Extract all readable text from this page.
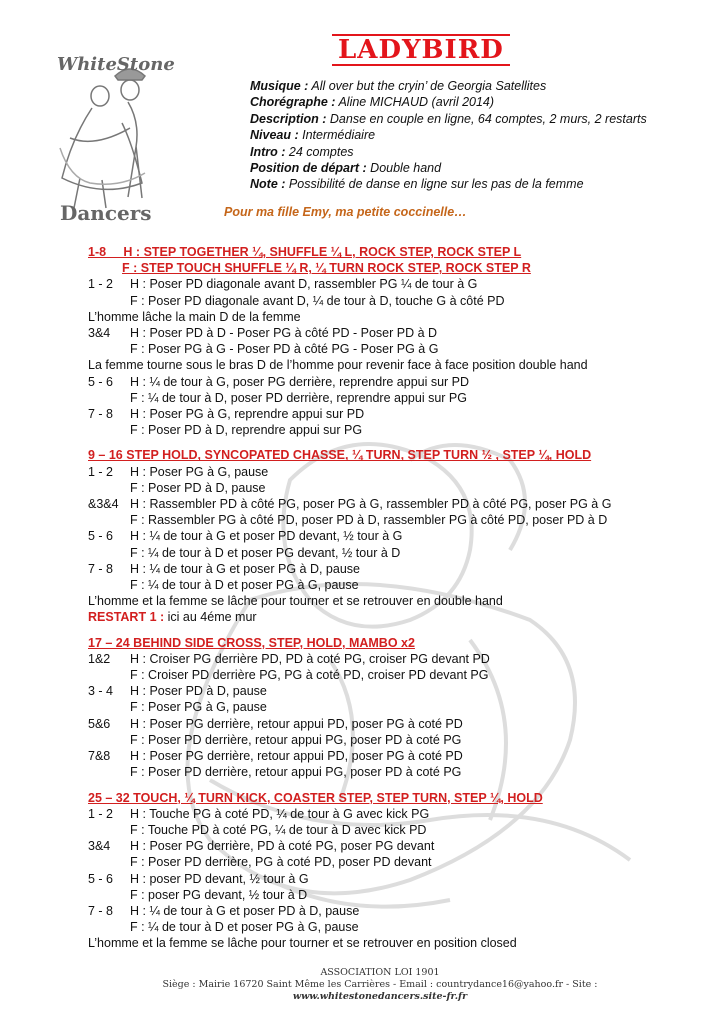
WhiteStone
Dancers
LADYBIRD
Musique : All over but the cryin’ de Georgia Satellites
Chorégraphe : Aline MICHAUD (avril 2014)
Description : Danse en couple en ligne, 64 comptes, 2 murs, 2 restarts
Niveau : Intermédiaire
Intro : 24 comptes
Position de départ : Double hand
Note : Possibilité de danse en ligne sur les pas de la femme
Pour ma fille Emy, ma petite coccinelle…
1-8     H : STEP TOGETHER ¼, SHUFFLE ¼ L, ROCK STEP, ROCK STEP L
F : STEP TOUCH SHUFFLE ¼ R, ¼ TURN ROCK STEP, ROCK STEP R
1 - 2	H : Poser PD diagonale avant D, rassembler PG ¼ de tour à G
F : Poser PD diagonale avant D, ¼ de tour à D, touche G à côté PD
L’homme lâche la main D de la femme
3&4	H : Poser PD à D - Poser PG à côté PD - Poser PD à D
F : Poser PG à G - Poser PD à côté PG - Poser PG à G
La femme tourne sous le bras D de l’homme pour revenir face à face position double hand
5 - 6	H : ¼ de tour à G, poser PG derrière, reprendre appui sur PD
F : ¼ de tour à D, poser PD derrière, reprendre appui sur PG
7 - 8	H : Poser PG à G, reprendre appui sur PD
F : Poser PD à D, reprendre appui sur PG
9 – 16 STEP HOLD, SYNCOPATED CHASSE, ¼ TURN, STEP TURN ½ , STEP ¼, HOLD
1 - 2	H : Poser PG à G, pause
F : Poser PD à D, pause
&3&4 H : Rassembler PD à côté PG, poser PG à G, rassembler PD à côté PG, poser PG à G
F : Rassembler PG à côté PD, poser PD à D, rassembler PG à côté PD, poser PD à D
5 - 6	H : ¼ de tour à G et poser PD devant, ½ tour à G
F : ¼ de tour à D et poser PG devant, ½ tour à D
7 - 8	H : ¼ de tour à G et poser PG à D, pause
F : ¼ de tour à D et poser PG à G, pause
L’homme et la femme se lâche pour tourner et se retrouver en double hand
RESTART 1 : ici au 4éme mur
17 – 24 BEHIND SIDE CROSS, STEP, HOLD, MAMBO x2
1&2	H : Croiser PG derrière PD, PD à coté PG, croiser PG devant PD
F : Croiser PD derrière PG, PG à coté PD, croiser PD devant PG
3 - 4	H : Poser PD à D, pause
F : Poser PG à G, pause
5&6	H : Poser PG derrière, retour appui PD, poser PG à coté PD
F : Poser PD derrière, retour appui PG, poser PD à coté PG
7&8	H : Poser PG derrière, retour appui PD, poser PG à coté PD
F : Poser PD derrière, retour appui PG, poser PD à coté PG
25 – 32 TOUCH, ¼ TURN KICK, COASTER STEP, STEP TURN, STEP ¼, HOLD
1 - 2	H : Touche PG à coté PD, ¼ de tour à G avec kick PG
F : Touche PD à coté PG, ¼ de tour à D avec kick PD
3&4	H : Poser PG derrière, PD à coté PG, poser PG devant
F : Poser PD derrière, PG à coté PD, poser PD devant
5 - 6	H : poser PD devant, ½ tour à G
F : poser PG devant, ½ tour à D
7 - 8	H : ¼ de tour à G et poser PD à D, pause
F : ¼ de tour à D et poser PG à G, pause
L’homme et la femme se lâche pour tourner et se retrouver en position closed
ASSOCIATION LOI 1901
Siège : Mairie 16720 Saint Même les Carrières - Email : countrydance16@yahoo.fr - Site : www.whitestonedancers.site-fr.fr
